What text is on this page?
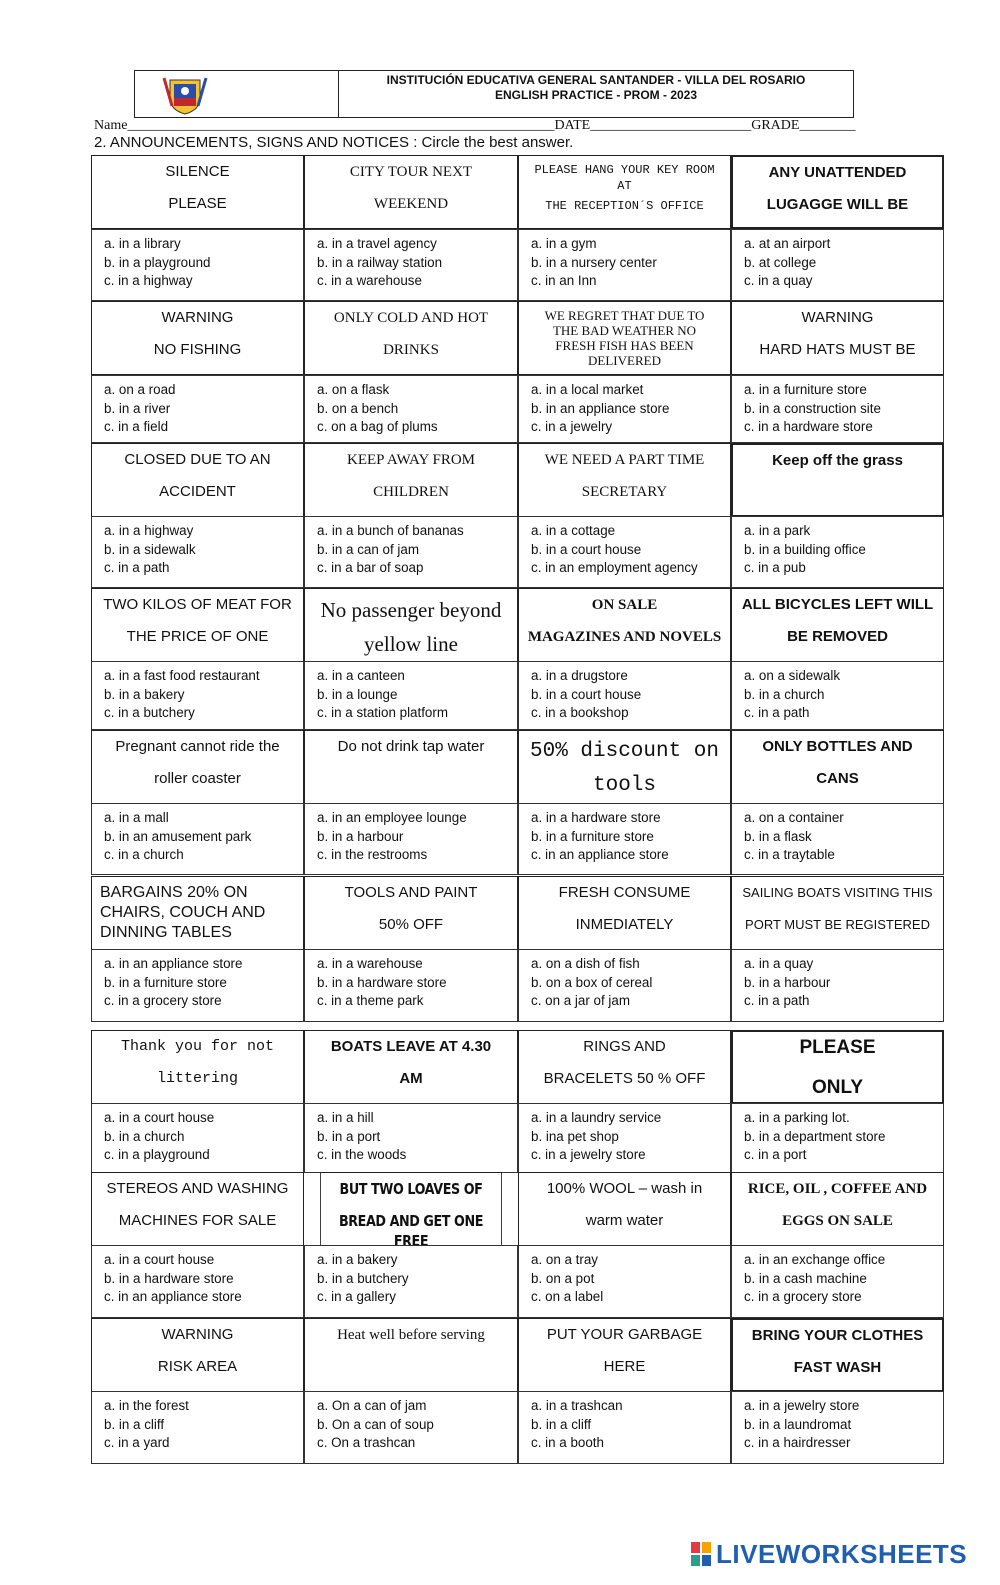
INSTITUCIÓN EDUCATIVA GENERAL SANTANDER - VILLA DEL ROSARIO
ENGLISH PRACTICE - PROM - 2023
Name_____________________________________________________________DATE_______________________GRADE________
2. ANNOUNCEMENTS, SIGNS AND NOTICES : Circle the best answer.
SILENCE
PLEASE
a. in a library
b. in a playground
c. in a highway
CITY TOUR NEXT
WEEKEND
a. in a travel agency
b. in a railway station
c. in a warehouse
PLEASE HANG YOUR KEY ROOM AT
THE RECEPTION´S OFFICE
a. in a gym
b. in a nursery center
c. in an Inn
ANY UNATTENDED
LUGAGGE WILL BE
a. at an airport
b. at college
c. in a quay
WARNING
NO FISHING
a. on a road
b. in a river
c. in a field
ONLY COLD AND HOT
DRINKS
a. on a flask
b. on a bench
c. on a bag of plums
WE REGRET THAT DUE TO
THE BAD WEATHER NO
FRESH FISH HAS BEEN
DELIVERED
a. in a local market
b. in an appliance store
c. in a jewelry
WARNING
HARD HATS MUST BE
a. in a furniture store
b. in a construction site
c. in a hardware store
CLOSED DUE TO AN
ACCIDENT
a. in a highway
b. in a sidewalk
c. in a path
KEEP AWAY FROM
CHILDREN
a. in a bunch of bananas
b. in a can of jam
c. in a bar of soap
WE NEED A PART TIME
SECRETARY
a. in a cottage
b. in a court house
c. in an employment agency
Keep off the grass
a. in a park
b. in a building office
c. in a pub
TWO KILOS OF MEAT FOR
THE PRICE OF ONE
a. in a fast food restaurant
b. in a bakery
c. in a butchery
No passenger beyond
yellow line
a. in a canteen
b. in a lounge
c. in a station platform
ON SALE
MAGAZINES AND NOVELS
a. in a drugstore
b. in a court house
c. in a bookshop
ALL BICYCLES LEFT WILL
BE REMOVED
a. on a sidewalk
b. in a church
c. in a path
Pregnant cannot ride the
roller coaster
a. in a mall
b. in an amusement park
c. in a church
Do not drink tap water
a. in an employee lounge
b. in a harbour
c. in the restrooms
50% discount on
tools
a. in a hardware store
b. in a furniture store
c. in an appliance store
ONLY BOTTLES AND
CANS
a. on a container
b. in a flask
c. in a traytable
BARGAINS 20% ON
CHAIRS, COUCH AND
DINNING TABLES
a. in an appliance store
b. in a furniture store
c. in a grocery store
TOOLS AND PAINT
50% OFF
a. in a warehouse
b. in a hardware store
c. in a theme park
FRESH CONSUME
INMEDIATELY
a. on a dish of fish
b. on a box of cereal
c. on a jar of jam
SAILING BOATS VISITING THIS
PORT MUST BE REGISTERED
a. in a quay
b. in a harbour
c. in a path
Thank you for not
littering
a. in a court house
b. in a church
c. in a playground
BOATS LEAVE AT 4.30
AM
a. in a hill
b. in a port
c. in the woods
RINGS AND
BRACELETS 50 % OFF
a. in a laundry service
b. ina pet shop
c. in a jewelry store
PLEASE
ONLY
a. in a parking lot.
b. in a department store
c. in a port
STEREOS AND WASHING
MACHINES FOR SALE
a. in a court house
b. in a hardware store
c. in an appliance store
BUT TWO LOAVES OF
BREAD AND GET ONE FREE
a. in a bakery
b. in a butchery
c. in a gallery
100% WOOL – wash in
warm water
a. on a tray
b. on a pot
c. on a label
RICE, OIL , COFFEE AND
EGGS ON SALE
a. in an exchange office
b. in a cash machine
c. in a grocery store
WARNING
RISK AREA
a. in the forest
b. in a cliff
c. in a yard
Heat well before serving
a. On a can of jam
b. On a can of soup
c. On a trashcan
PUT YOUR GARBAGE
HERE
a. in a trashcan
b. in a cliff
c. in a booth
BRING YOUR CLOTHES
FAST WASH
a. in a jewelry store
b. in a laundromat
c. in a hairdresser
LIVEWORKSHEETS
